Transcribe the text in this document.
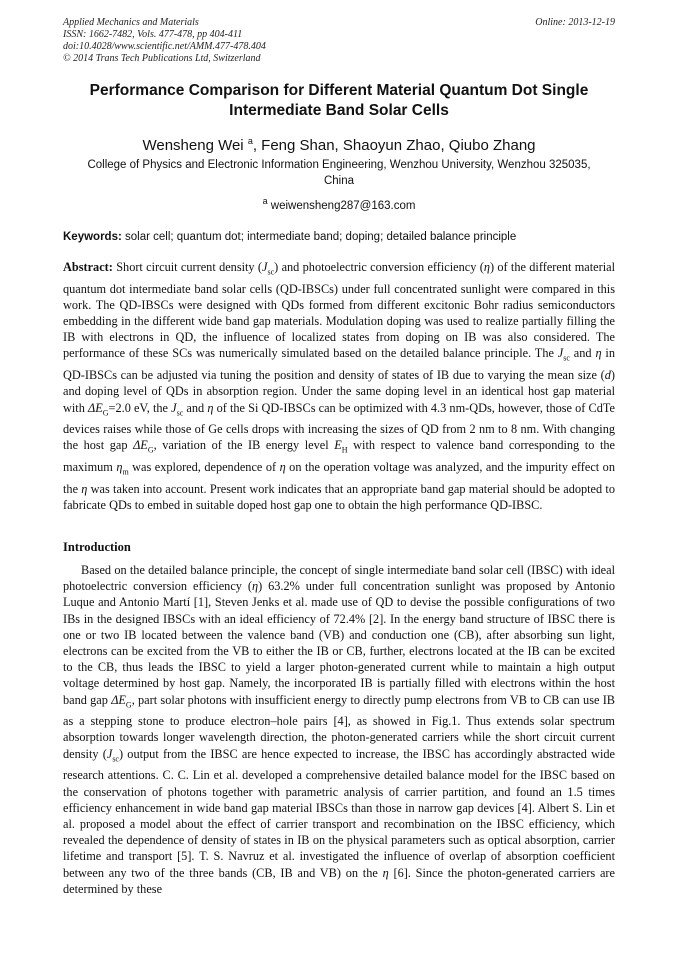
Applied Mechanics and Materials
ISSN: 1662-7482, Vols. 477-478, pp 404-411
doi:10.4028/www.scientific.net/AMM.477-478.404
© 2014 Trans Tech Publications Ltd, Switzerland
Online: 2013-12-19
Performance Comparison for Different Material Quantum Dot Single
Intermediate Band Solar Cells
Wensheng Wei $^a$, Feng Shan, Shaoyun Zhao, Qiubo Zhang
College of Physics and Electronic Information Engineering, Wenzhou University, Wenzhou 325035,
China
$^a$ weiwensheng287@163.com
Keywords: solar cell; quantum dot; intermediate band; doping; detailed balance principle
Abstract: Short circuit current density $(J_{sc})$ and photoelectric conversion efficiency (η) of the different material quantum dot intermediate band solar cells (QD-IBSCs) under full concentrated sunlight were compared in this work. The QD-IBSCs were designed with QDs formed from different excitonic Bohr radius semiconductors embedding in the different wide band gap materials. Modulation doping was used to realize partially filling the IB with electrons in QD, the influence of localized states from doping on IB was also considered. The performance of these SCs was numerically simulated based on the detailed balance principle. The $J_{sc}$ and η in QD-IBSCs can be adjusted via tuning the position and density of states of IB due to varying the mean size (d) and doping level of QDs in absorption region. Under the same doping level in an identical host gap material with $\Delta E_G=2.0$ eV, the $J_{sc}$ and η of the Si QD-IBSCs can be optimized with 4.3 nm-QDs, however, those of CdTe devices raises while those of Ge cells drops with increasing the sizes of QD from 2 nm to 8 nm. With changing the host gap $\Delta E_G$, variation of the IB energy level $E_H$ with respect to valence band corresponding to the maximum $\eta_m$ was explored, dependence of η on the operation voltage was analyzed, and the impurity effect on the η was taken into account. Present work indicates that an appropriate band gap material should be adopted to fabricate QDs to embed in suitable doped host gap one to obtain the high performance QD-IBSC.
Introduction
Based on the detailed balance principle, the concept of single intermediate band solar cell (IBSC) with ideal photoelectric conversion efficiency (η) 63.2% under full concentration sunlight was proposed by Antonio Luque and Antonio Martí [1], Steven Jenks et al. made use of QD to devise the possible configurations of two IBs in the designed IBSCs with an ideal efficiency of 72.4% [2]. In the energy band structure of IBSC there is one or two IB located between the valence band (VB) and conduction one (CB), after absorbing sun light, electrons can be excited from the VB to either the IB or CB, further, electrons located at the IB can be excited to the CB, thus leads the IBSC to yield a larger photon-generated current while to maintain a high output voltage determined by host gap. Namely, the incorporated IB is partially filled with electrons within the host band gap $\Delta E_G$, part solar photons with insufficient energy to directly pump electrons from VB to CB can use IB as a stepping stone to produce electron–hole pairs [4], as showed in Fig.1. Thus extends solar spectrum absorption towards longer wavelength direction, the photon-generated carriers while the short circuit current density $(J_{sc})$ output from the IBSC are hence expected to increase, the IBSC has accordingly abstracted wide research attentions. C. C. Lin et al. developed a comprehensive detailed balance model for the IBSC based on the conservation of photons together with parametric analysis of carrier partition, and found an 1.5 times efficiency enhancement in wide band gap material IBSCs than those in narrow gap devices [4]. Albert S. Lin et al. proposed a model about the effect of carrier transport and recombination on the IBSC efficiency, which revealed the dependence of density of states in IB on the physical parameters such as optical absorption, carrier lifetime and transport [5]. T. S. Navruz et al. investigated the influence of overlap of absorption coefficient between any two of the three bands (CB, IB and VB) on the η [6]. Since the photon-generated carriers are determined by these
